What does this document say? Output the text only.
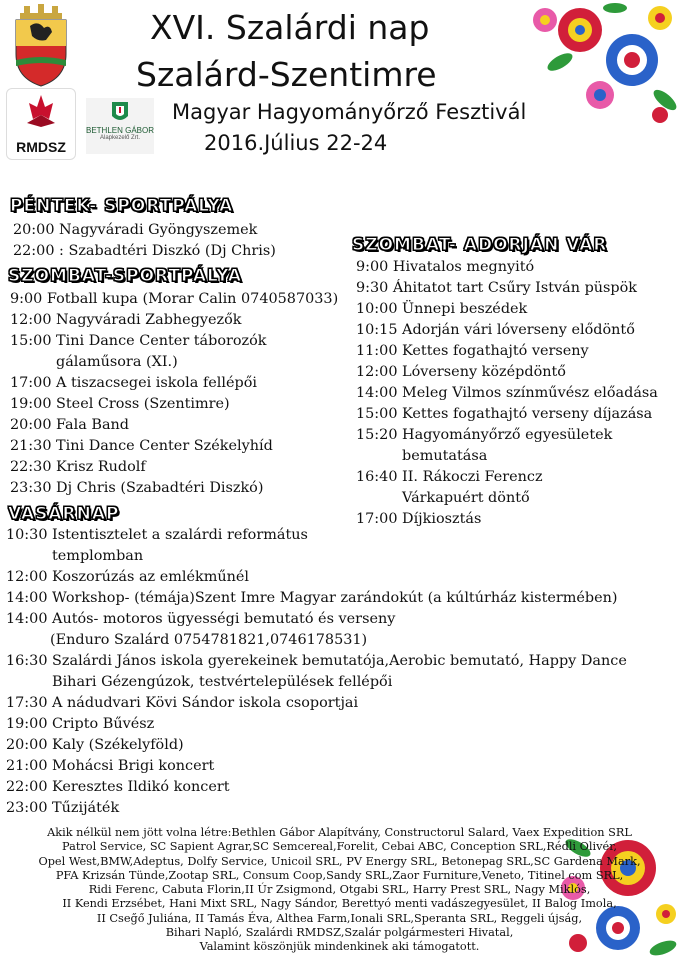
RMDSZ
BETHLEN GÁBOR
Alapkezelő Zrt.
XVI. Szalárdi nap
Szalárd-Szentimre
Magyar Hagyományőrző Fesztivál
2016.Július 22-24
PÉNTEK- SPORTPÁLYA
20:00 Nagyváradi Gyöngyszemek
22:00 : Szabadtéri Diszkó (Dj Chris)
SZOMBAT-SPORTPÁLYA
9:00 Fotball kupa (Morar Calin 0740587033)
12:00 Nagyváradi Zabhegyezők
15:00 Tini Dance Center táborozók
gálaműsora (XI.)
17:00 A tiszacsegei iskola fellépői
19:00 Steel Cross (Szentimre)
20:00 Fala Band
21:30 Tini Dance Center Székelyhíd
22:30 Krisz Rudolf
23:30 Dj Chris (Szabadtéri Diszkó)
SZOMBAT- ADORJÁN VÁR
9:00 Hivatalos megnyitó
9:30 Áhitatot tart Csűry István püspök
10:00 Ünnepi beszédek
10:15 Adorján vári lóverseny elődöntő
11:00 Kettes fogathajtó verseny
12:00 Lóverseny középdöntő
14:00 Meleg Vilmos színművész előadása
15:00 Kettes fogathajtó verseny díjazása
15:20 Hagyományőrző egyesületek
bemutatása
16:40 II. Rákoczi Ferencz
Várkapuért döntő
17:00 Díjkiosztás
VASÁRNAP
10:30 Istentisztelet a szalárdi református
templomban
12:00 Koszorúzás az emlékműnél
14:00 Workshop- (témája)Szent Imre Magyar zarándokút (a kúltúrház kistermében)
14:00 Autós- motoros ügyességi bemutató és verseny
(Enduro Szalárd 0754781821,0746178531)
16:30 Szalárdi János iskola gyerekeinek bemutatója,Aerobic bemutató, Happy Dance
Bihari Gézengúzok, testvértelepülések fellépői
17:30 A nádudvari Kövi Sándor iskola csoportjai
19:00 Cripto Bűvész
20:00 Kaly (Székelyföld)
21:00 Mohácsi Brigi koncert
22:00 Keresztes Ildikó koncert
23:00 Tűzijáték
Akik nélkül nem jött volna létre:Bethlen Gábor Alapítvány, Constructorul Salard, Vaex Expedition SRL
Patrol Service, SC Sapient Agrar,SC Semcereal,Forelit, Cebai ABC, Conception SRL,Rédli Olivér,
Opel West,BMW,Adeptus, Dolfy Service, Unicoil SRL, PV Energy SRL, Betonepag SRL,SC Gardena Mark,
PFA Krizsán Tünde,Zootap SRL, Consum Coop,Sandy SRL,Zaor Furniture,Veneto, Titinel com SRL,
Ridi Ferenc, Cabuta Florin,II Úr Zsigmond, Otgabi SRL, Harry Prest SRL, Nagy Miklós,
II Kendi Erzsébet, Hani Mixt SRL, Nagy Sándor, Berettyó menti vadászegyesület, II Balog Imola,
II Cseg̋ő Juliána, II Tamás Éva, Althea Farm,Ionali SRL,Speranta SRL, Reggeli újság,
Bihari Napló, Szalárdi RMDSZ,Szalár polgármesteri Hivatal,
Valamint köszönjük mindenkinek aki támogatott.
